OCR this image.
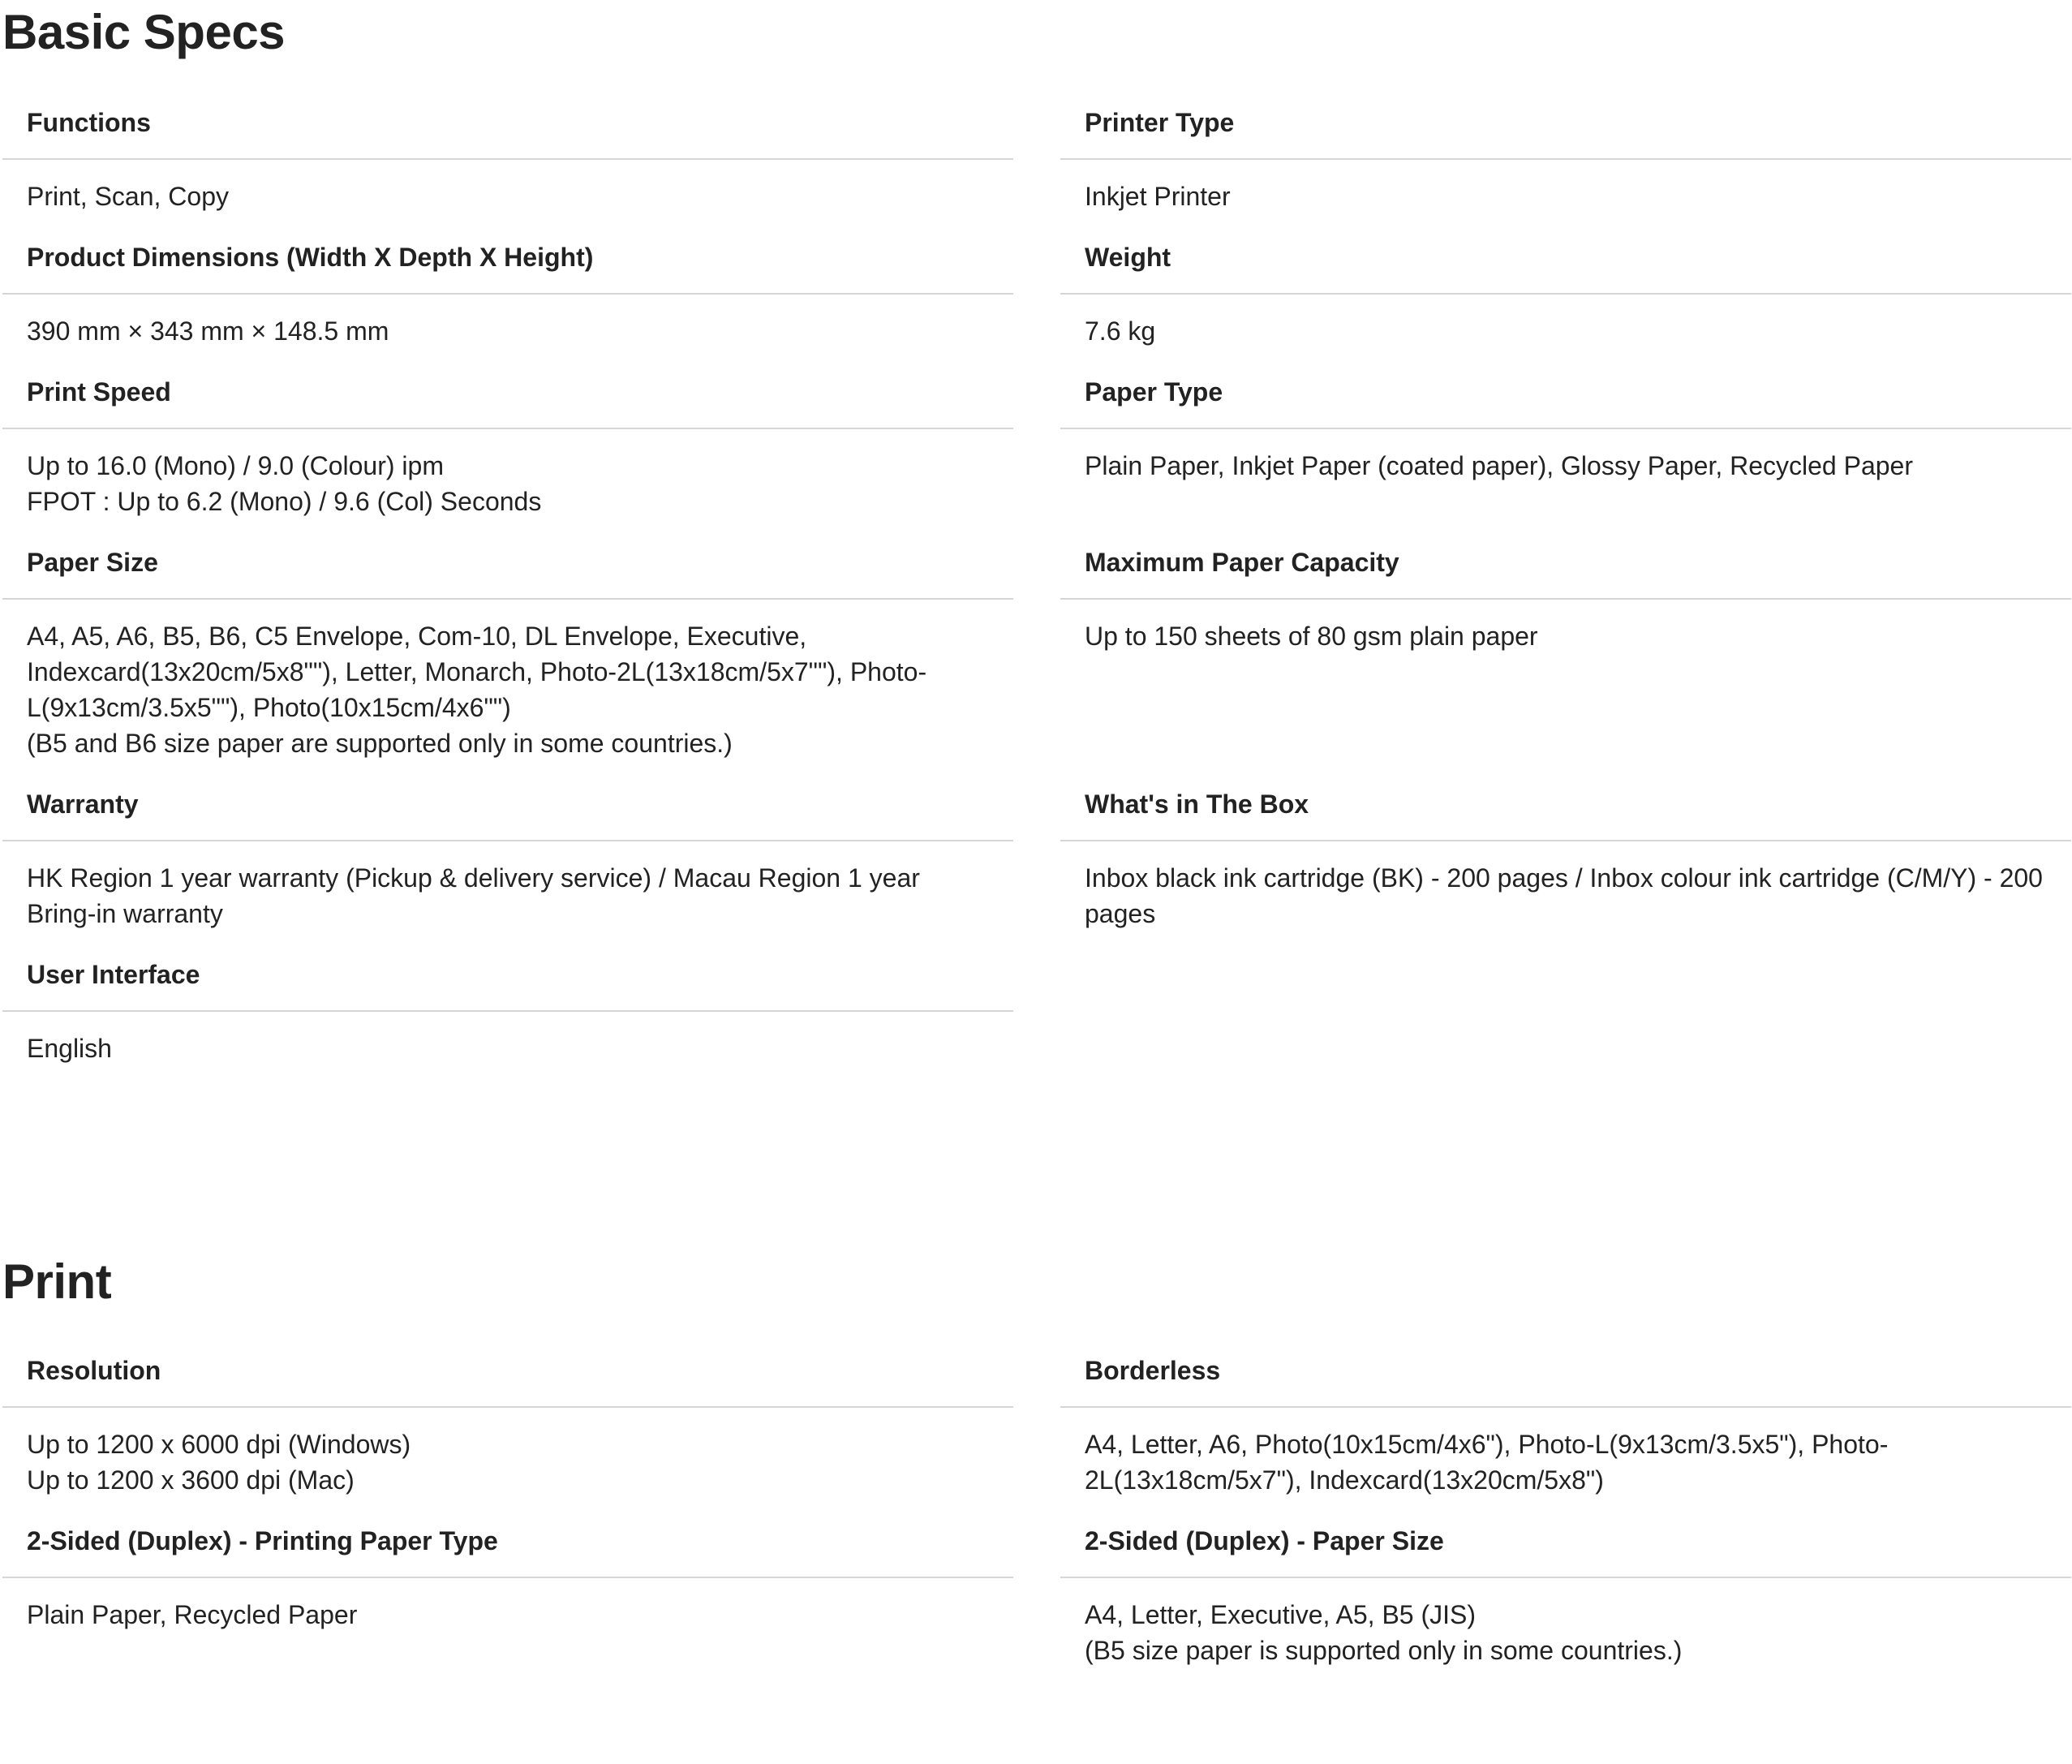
Basic Specs
Functions
Print, Scan, Copy
Product Dimensions (Width X Depth X Height)
390 mm × 343 mm × 148.5 mm
Print Speed
Up to 16.0 (Mono) / 9.0 (Colour) ipm
FPOT : Up to 6.2 (Mono) / 9.6 (Col) Seconds
Paper Size
A4, A5, A6, B5, B6, C5 Envelope, Com-10, DL Envelope, Executive, Indexcard(13x20cm/5x8""), Letter, Monarch, Photo-2L(13x18cm/5x7""), Photo-L(9x13cm/3.5x5""), Photo(10x15cm/4x6"")
(B5 and B6 size paper are supported only in some countries.)
Warranty
HK Region 1 year warranty (Pickup & delivery service) / Macau Region 1 year Bring-in warranty
User Interface
English
Printer Type
Inkjet Printer
Weight
7.6 kg
Paper Type
Plain Paper, Inkjet Paper (coated paper), Glossy Paper, Recycled Paper
Maximum Paper Capacity
Up to 150 sheets of 80 gsm plain paper
What's in The Box
Inbox black ink cartridge (BK) - 200 pages / Inbox colour ink cartridge (C/M/Y) - 200 pages
Print
Resolution
Up to 1200 x 6000 dpi (Windows)
Up to 1200 x 3600 dpi (Mac)
2-Sided (Duplex) - Printing Paper Type
Plain Paper, Recycled Paper
Borderless
A4, Letter, A6, Photo(10x15cm/4x6"), Photo-L(9x13cm/3.5x5"), Photo-2L(13x18cm/5x7"), Indexcard(13x20cm/5x8")
2-Sided (Duplex) - Paper Size
A4, Letter, Executive, A5, B5 (JIS)
(B5 size paper is supported only in some countries.)
